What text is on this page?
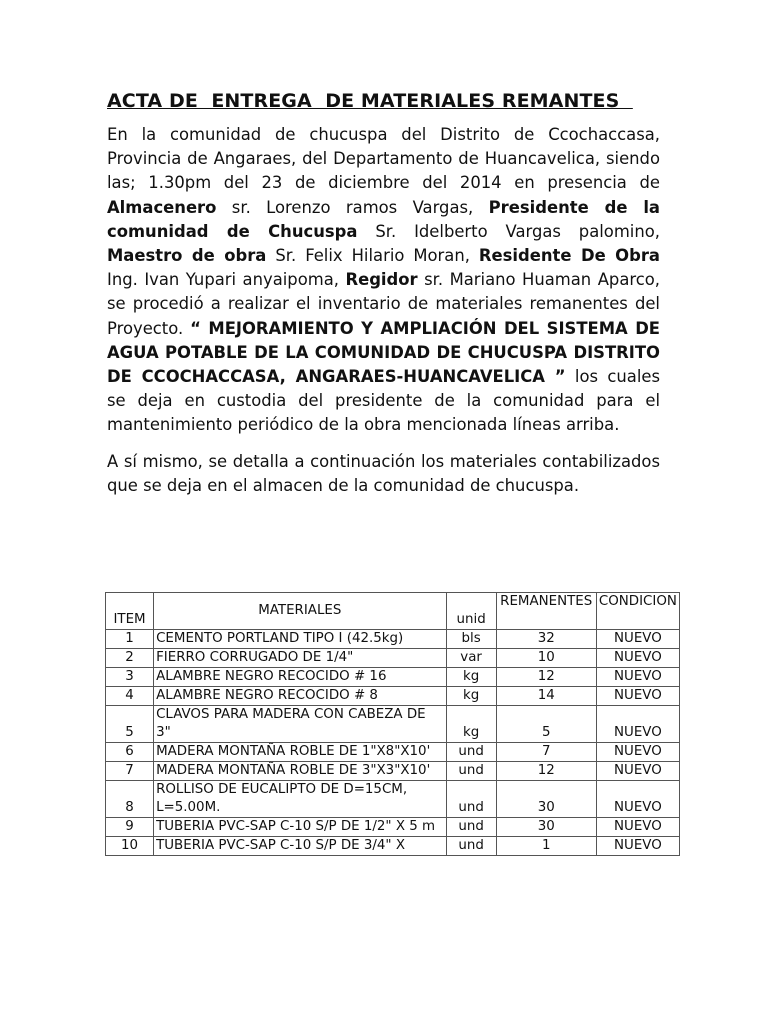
ACTA DE  ENTREGA  DE MATERIALES REMANTES

En la comunidad de chucuspa del Distrito de Ccochaccasa, Provincia de Angaraes, del Departamento de Huancavelica, siendo las; 1.30pm del 23 de diciembre del 2014 en presencia de Almacenero sr. Lorenzo ramos Vargas, Presidente de la comunidad de Chucuspa Sr. Idelberto Vargas palomino, Maestro de obra Sr. Felix Hilario Moran, Residente De Obra Ing. Ivan Yupari anyaipoma, Regidor sr. Mariano Huaman Aparco, se procedió a realizar el inventario de materiales remanentes del Proyecto. “ MEJORAMIENTO Y AMPLIACIÓN DEL SISTEMA DE AGUA POTABLE DE LA COMUNIDAD DE CHUCUSPA DISTRITO DE CCOCHACCASA, ANGARAES-HUANCAVELICA ” los cuales se deja en custodia del presidente de la comunidad para el mantenimiento periódico de la obra mencionada líneas arriba.

A sí mismo, se detalla a continuación los materiales contabilizados que se deja en el almacen de la comunidad de chucuspa.

ITEM	MATERIALES	unid	REMANENTES	CONDICION
1	CEMENTO PORTLAND TIPO I (42.5kg)	bls	32	NUEVO
2	FIERRO CORRUGADO DE 1/4"	var	10	NUEVO
3	ALAMBRE NEGRO RECOCIDO # 16	kg	12	NUEVO
4	ALAMBRE NEGRO RECOCIDO # 8	kg	14	NUEVO
5	CLAVOS PARA MADERA CON CABEZA DE 3"	kg	5	NUEVO
6	MADERA MONTAÑA ROBLE DE 1"X8"X10'	und	7	NUEVO
7	MADERA MONTAÑA ROBLE DE 3"X3"X10'	und	12	NUEVO
8	ROLLISO DE EUCALIPTO DE D=15CM, L=5.00M.	und	30	NUEVO
9	TUBERIA PVC-SAP C-10 S/P DE 1/2" X 5 m	und	30	NUEVO
10	TUBERIA PVC-SAP C-10 S/P DE 3/4" X	und	1	NUEVO
